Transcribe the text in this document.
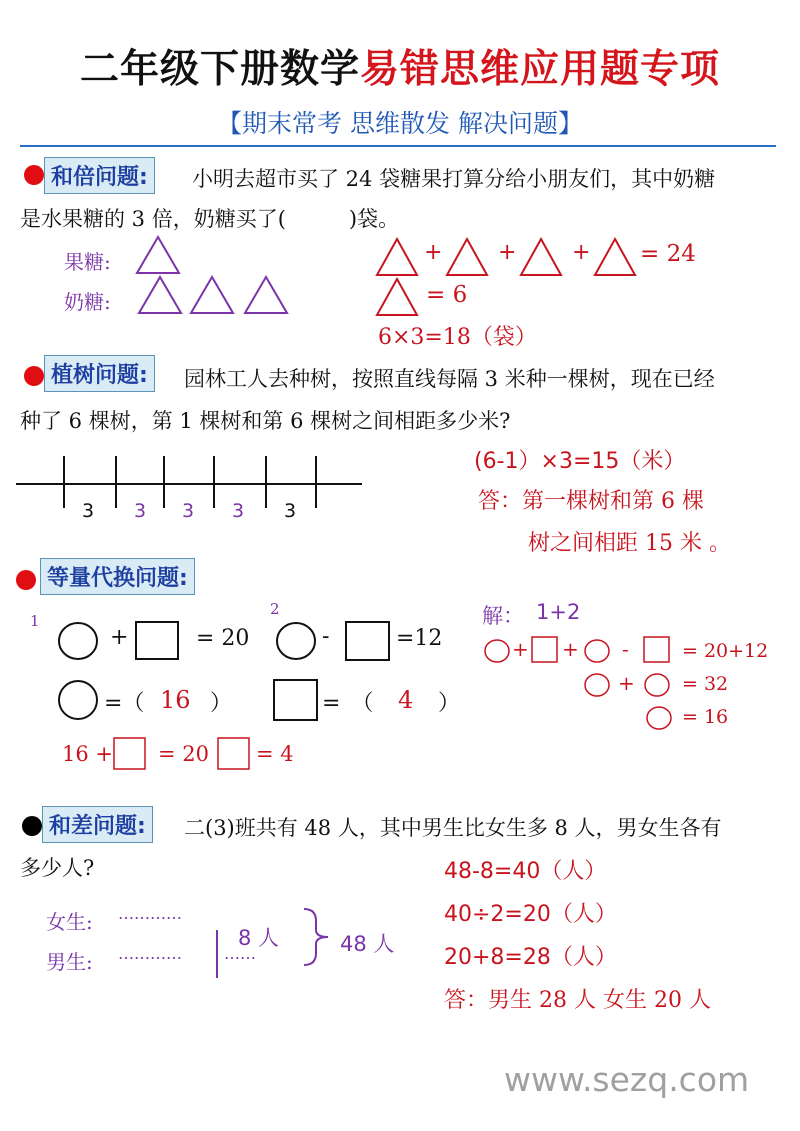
二年级下册数学易错思维应用题专项
【期末常考 思维散发 解决问题】
和倍问题:	小明去超市买了 24 袋糖果打算分给小朋友们，其中奶糖
是水果糖的 3 倍，奶糖买了(　　　)袋。
果糖:
奶糖:
+	+	+ = 24
= 6
6×3=18（袋）
植树问题:	园林工人去种树，按照直线每隔 3 米种一棵树，现在已经
种了 6 棵树，第 1 棵树和第 6 棵树之间相距多少米?
3 3 3 3 3
(6-1）×3=15（米）
答：第一棵树和第 6 棵
树之间相距 15 米 。
等量代换问题:
1
2
+	= 20	-	=12
=（ 16 ）	=　（ 4 ）
16 + = 20 = 4
解： 1+2
+ + -	= 20+12
+ = 32
= 16
和差问题:	二(3)班共有 48 人，其中男生比女生多 8 人，男女生各有
多少人?
女生: …………
男生: …………	……
8 人	48 人
48-8=40（人）
40÷2=20（人）
20+8=28（人）
答：男生 28 人 女生 20 人
www.sezq.com
